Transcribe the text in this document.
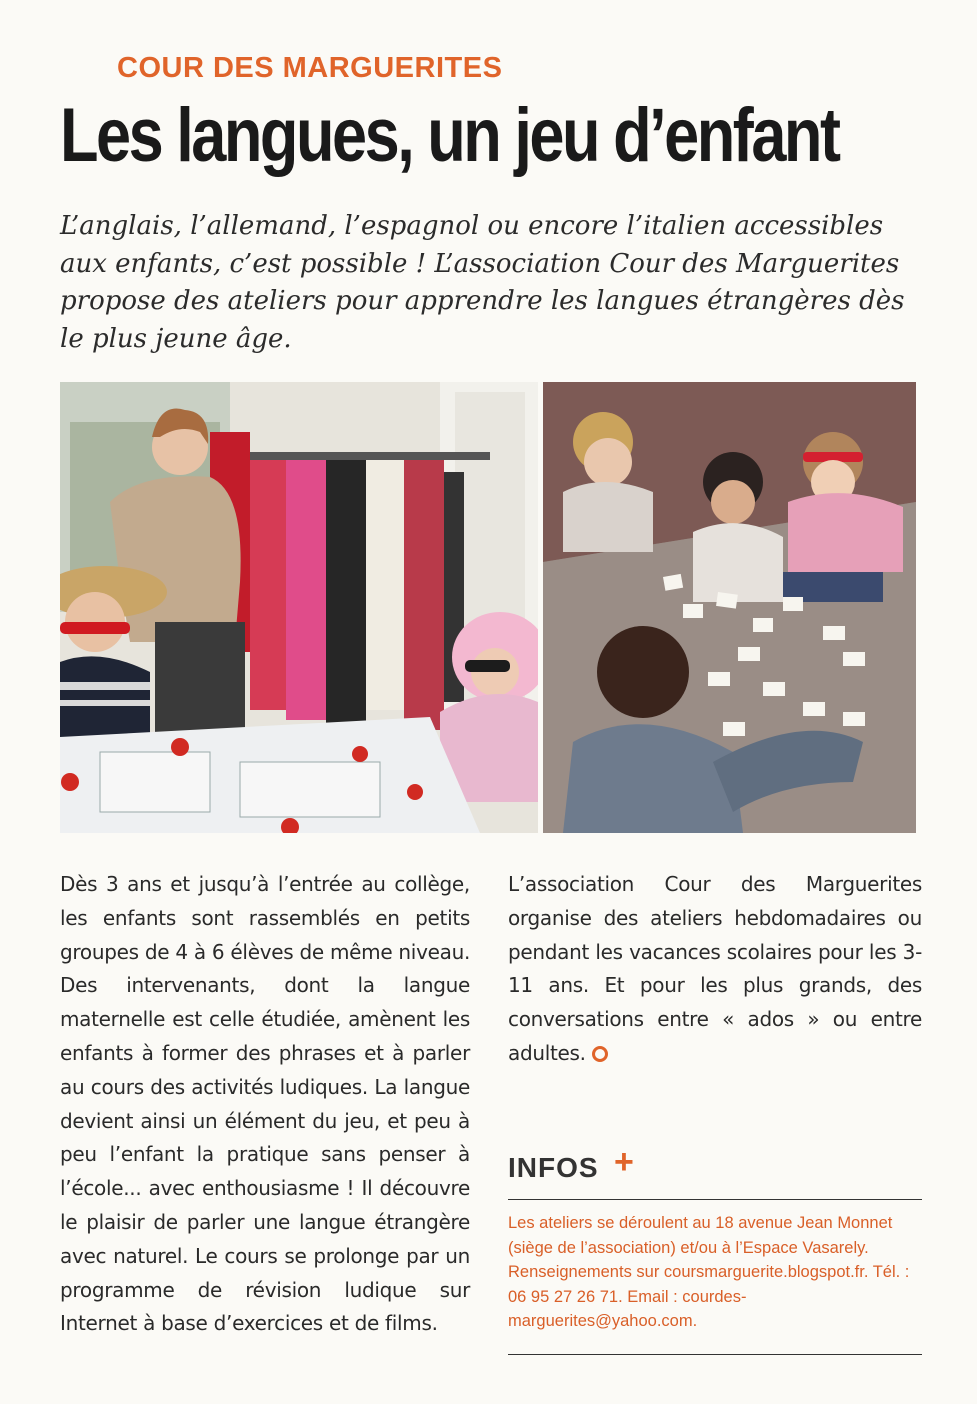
COUR DES MARGUERITES
Les langues, un jeu d’enfant
L’anglais, l’allemand, l’espagnol ou encore l’italien accessibles aux enfants, c’est possible ! L’association Cour des Marguerites propose des ateliers pour apprendre les langues étrangères dès le plus jeune âge.
Dès 3 ans et jusqu’à l’entrée au collège, les enfants sont rassemblés en petits groupes de 4 à 6 élèves de même niveau. Des intervenants, dont la langue maternelle est celle étudiée, amènent les enfants à former des phrases et à parler au cours des activités ludiques. La langue devient ainsi un élément du jeu, et peu à peu l’enfant la pratique sans penser à l’école... avec enthousiasme ! Il découvre le plaisir de parler une langue étrangère avec naturel. Le cours se prolonge par un programme de révision ludique sur Internet à base d’exercices et de films.
L’association Cour des Marguerites organise des ateliers hebdomadaires ou pendant les vacances scolaires pour les 3-11 ans. Et pour les plus grands, des conversations entre « ados » ou entre adultes.
INFOS +
Les ateliers se déroulent au 18 avenue Jean Monnet (siège de l’association) et/ou à l’Espace Vasarely. Renseignements sur coursmarguerite.blogspot.fr. Tél. : 06 95 27 26 71. Email : courdes-marguerites@yahoo.com.
